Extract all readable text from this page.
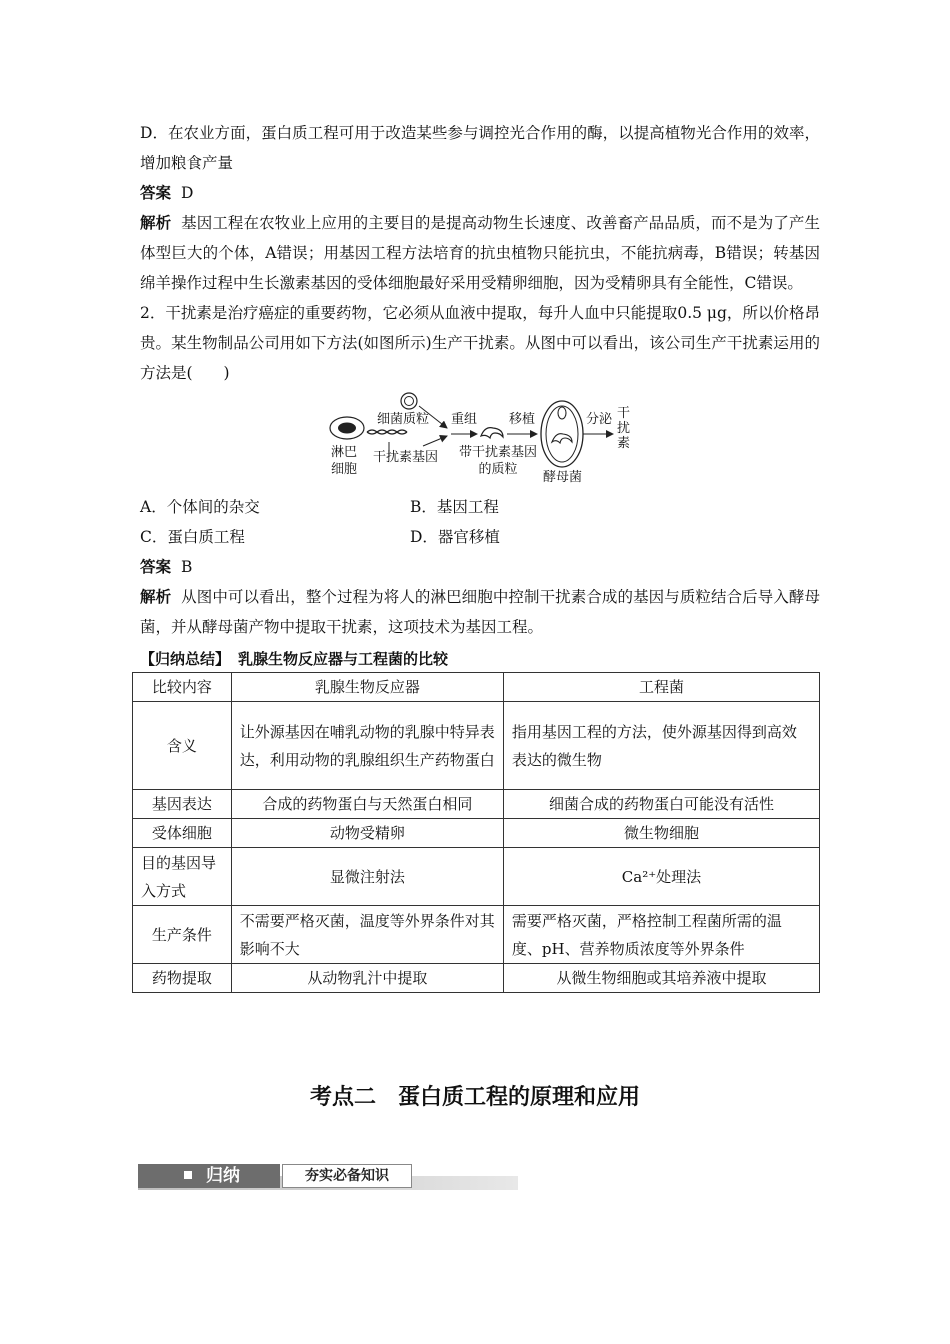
D．在农业方面，蛋白质工程可用于改造某些参与调控光合作用的酶，以提高植物光合作用的效率，增加粮食产量

答案 D

解析 基因工程在农牧业上应用的主要目的是提高动物生长速度、改善畜产品品质，而不是为了产生体型巨大的个体，A错误；用基因工程方法培育的抗虫植物只能抗虫，不能抗病毒，B错误；转基因绵羊操作过程中生长激素基因的受体细胞最好采用受精卵细胞，因为受精卵具有全能性，C错误。

2．干扰素是治疗癌症的重要药物，它必须从血液中提取，每升人血中只能提取0.5 μg，所以价格昂贵。某生物制品公司用如下方法(如图所示)生产干扰素。从图中可以看出，该公司生产干扰素运用的方法是(　　)

细菌质粒
淋巴细胞
干扰素基因
重组 移植
带干扰素基因的质粒
酵母菌
分泌 干扰素
A．个体间的杂交	B．基因工程
C．蛋白质工程	D．器官移植

答案 B

解析 从图中可以看出，整个过程为将人的淋巴细胞中控制干扰素合成的基因与质粒结合后导入酵母菌，并从酵母菌产物中提取干扰素，这项技术为基因工程。

【归纳总结】 乳腺生物反应器与工程菌的比较
比较内容	乳腺生物反应器	工程菌
含义	让外源基因在哺乳动物的乳腺中特异表达，利用动物的乳腺组织生产药物蛋白	指用基因工程的方法，使外源基因得到高效表达的微生物
基因表达	合成的药物蛋白与天然蛋白相同	细菌合成的药物蛋白可能没有活性
受体细胞	动物受精卵	微生物细胞
目的基因导入方式	显微注射法	Ca²⁺处理法
生产条件	不需要严格灭菌，温度等外界条件对其影响不大	需要严格灭菌，严格控制工程菌所需的温度、pH、营养物质浓度等外界条件
药物提取	从动物乳汁中提取	从微生物细胞或其培养液中提取
考点二　蛋白质工程的原理和应用
归纳	夯实必备知识
